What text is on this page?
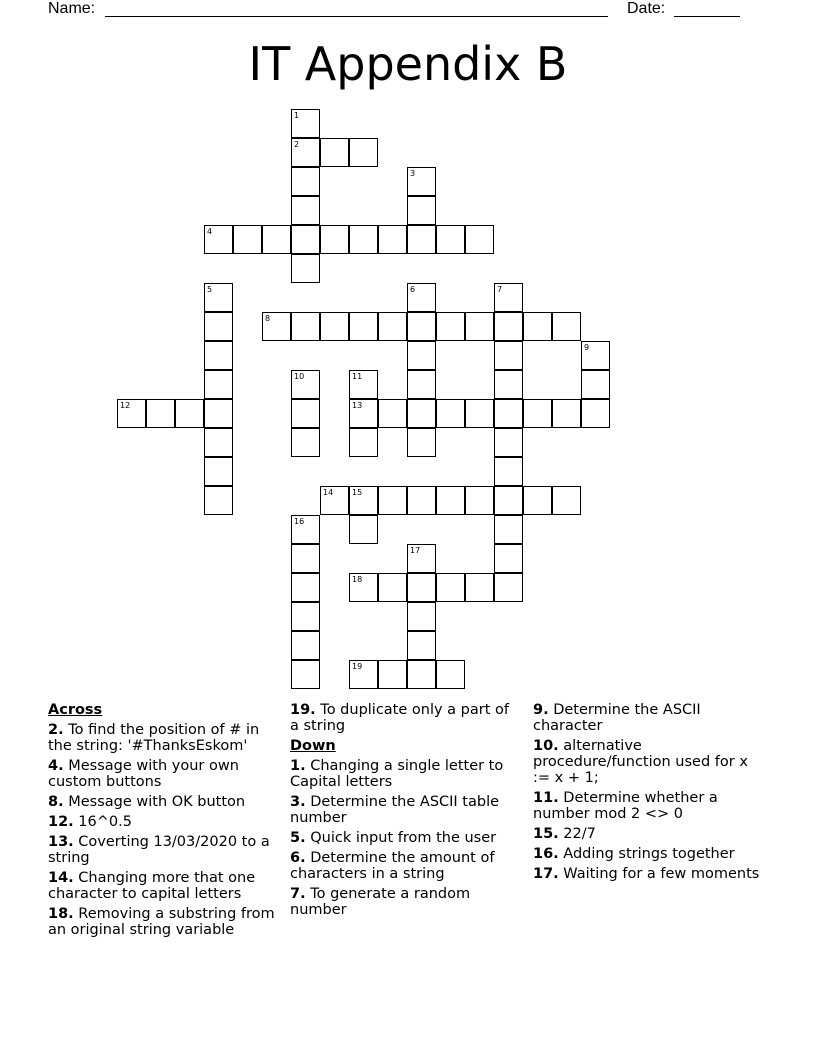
Name:	Date:
IT Appendix B
1
2
3
4
5	6	7
8
9
10	11
13
12
14 15
16
17
18
19
Across
2. To find the position of # in the string: '#ThanksEskom'
4. Message with your own custom buttons
8. Message with OK button
12. 16^0.5
13. Coverting 13/03/2020 to a string
14. Changing more that one character to capital letters
18. Removing a substring from an original string variable
19. To duplicate only a part of a string
Down
1. Changing a single letter to Capital letters
3. Determine the ASCII table number
5. Quick input from the user
6. Determine the amount of characters in a string
7. To generate a random number
9. Determine the ASCII character
10. alternative procedure/function used for x := x + 1;
11. Determine whether a number mod 2 <> 0
15. 22/7
16. Adding strings together
17. Waiting for a few moments
